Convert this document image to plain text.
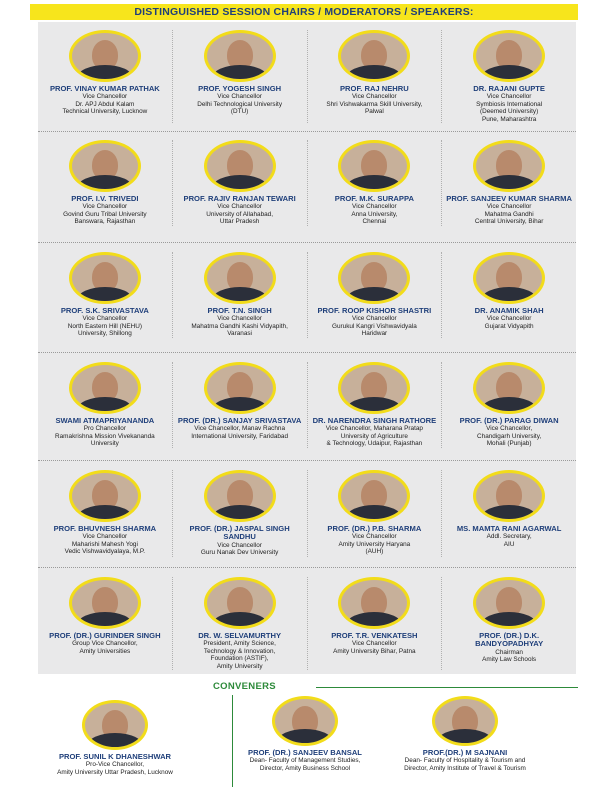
DISTINGUISHED SESSION CHAIRS / MODERATORS / SPEAKERS:
PROF. VINAY KUMAR PATHAK
Vice Chancellor
Dr. APJ Abdul Kalam
Technical University, Lucknow
PROF. YOGESH SINGH
Vice Chancellor
Delhi Technological University
(DTU)
PROF. RAJ NEHRU
Vice Chancellor
Shri Vishwakarma Skill University,
Palwal
DR. RAJANI GUPTE
Vice Chancellor
Symbiosis International
(Deemed University)
Pune, Maharashtra
PROF. I.V. TRIVEDI
Vice Chancellor
Govind Guru Tribal University
Banswara, Rajasthan
PROF. RAJIV RANJAN TEWARI
Vice Chancellor
University of Allahabad,
Uttar Pradesh
PROF. M.K. SURAPPA
Vice Chancellor
Anna University,
Chennai
PROF. SANJEEV KUMAR SHARMA
Vice Chancellor
Mahatma Gandhi
Central University, Bihar
PROF. S.K. SRIVASTAVA
Vice Chancellor
North Eastern Hill (NEHU)
University, Shillong
PROF. T.N. SINGH
Vice Chancellor
Mahatma Gandhi Kashi Vidyapith,
Varanasi
PROF. ROOP KISHOR SHASTRI
Vice Chancellor
Gurukul Kangri Vishwavidyala
Haridwar
DR. ANAMIK SHAH
Vice Chancellor
Gujarat Vidyapith
SWAMI ATMAPRIYANANDA
Pro Chancellor
Ramakrishna Mission Vivekananda
University
PROF. (DR.) SANJAY SRIVASTAVA
Vice Chancellor, Manav Rachna
International University, Faridabad
DR. NARENDRA SINGH RATHORE
Vice Chancellor, Maharana Pratap
University of Agriculture
& Technology, Udaipur, Rajasthan
PROF. (DR.) PARAG DIWAN
Vice Chancellor,
Chandigarh University,
Mohali (Punjab)
PROF. BHUVNESH SHARMA
Vice Chancellor
Maharishi Mahesh Yogi
Vedic Vishwavidyalaya, M.P.
PROF. (DR.) JASPAL SINGH SANDHU
Vice Chancellor
Guru Nanak Dev University
PROF. (DR.) P.B. SHARMA
Vice Chancellor
Amity University Haryana
(AUH)
MS. MAMTA RANI AGARWAL
Addl. Secretary,
AIU
PROF. (DR.) GURINDER SINGH
Group Vice Chancellor,
Amity Universities
DR. W. SELVAMURTHY
President, Amity Science,
Technology & Innovation,
Foundation (ASTIF),
Amity University
PROF. T.R. VENKATESH
Vice Chancellor
Amity University Bihar, Patna
PROF. (DR.) D.K. BANDYOPADHYAY
Chairman
Amity Law Schools
CONVENERS
PROF. SUNIL K DHANESHWAR
Pro-Vice Chancellor,
Amity University Uttar Pradesh, Lucknow
PROF. (DR.) SANJEEV BANSAL
Dean- Faculty of Management Studies,
Director, Amity Business School
PROF.(DR.) M SAJNANI
Dean- Faculty of Hospitality & Tourism and
Director, Amity Institute of Travel & Tourism
